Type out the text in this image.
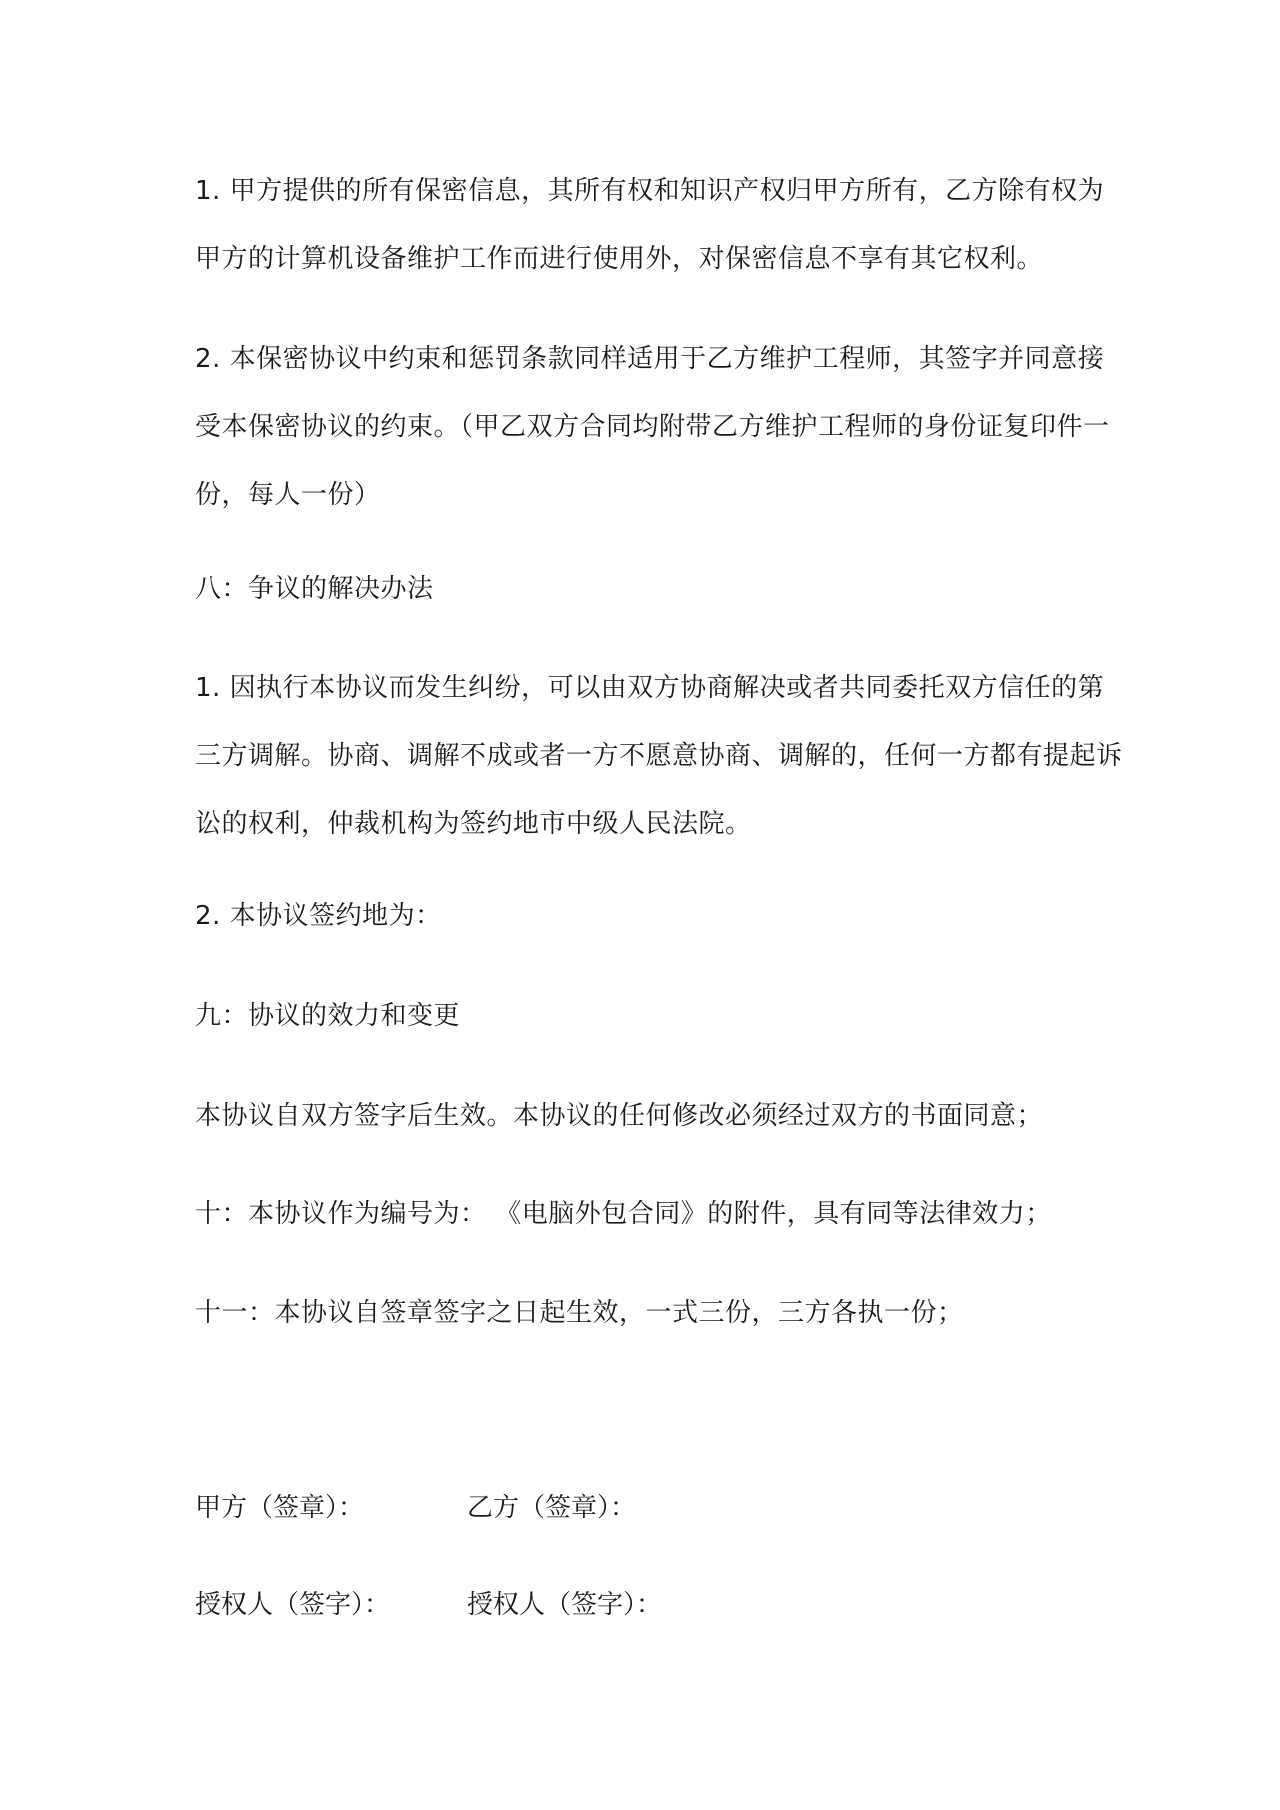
1. 甲方提供的所有保密信息，其所有权和知识产权归甲方所有，乙方除有权为
甲方的计算机设备维护工作而进行使用外，对保密信息不享有其它权利。

2. 本保密协议中约束和惩罚条款同样适用于乙方维护工程师，其签字并同意接
受本保密协议的约束。（甲乙双方合同均附带乙方维护工程师的身份证复印件一
份，每人一份）

八：争议的解决办法

1. 因执行本协议而发生纠纷，可以由双方协商解决或者共同委托双方信任的第
三方调解。协商、调解不成或者一方不愿意协商、调解的，任何一方都有提起诉
讼的权利，仲裁机构为签约地市中级人民法院。

2. 本协议签约地为：

九：协议的效力和变更

本协议自双方签字后生效。本协议的任何修改必须经过双方的书面同意；

十：本协议作为编号为： 《电脑外包合同》的附件，具有同等法律效力；

十一：本协议自签章签字之日起生效，一式三份，三方各执一份；

甲方（签章）：	乙方（签章）：
授权人（签字）：	授权人（签字）：
